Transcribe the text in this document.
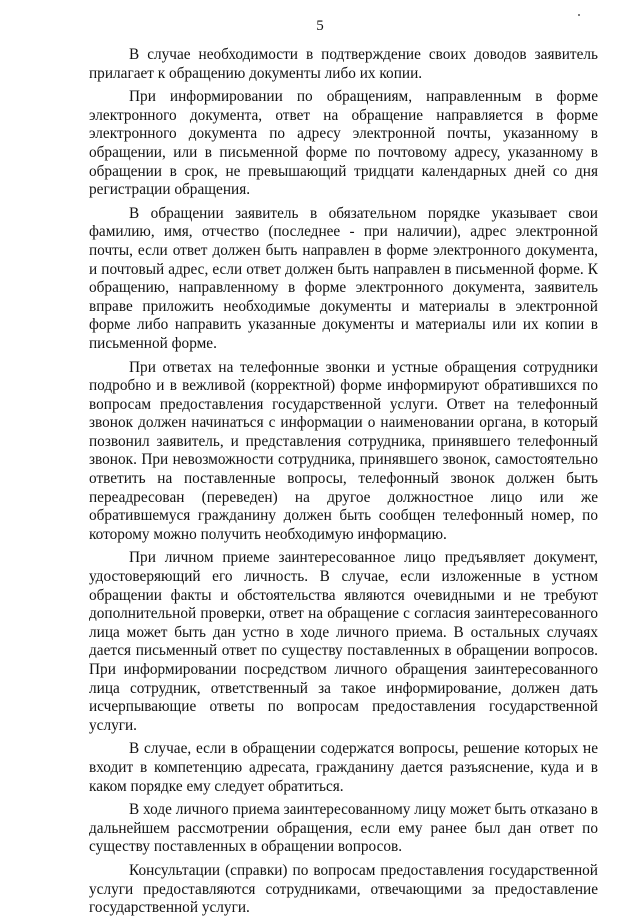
5

В случае необходимости в подтверждение своих доводов заявитель прилагает к обращению документы либо их копии.

При информировании по обращениям, направленным в форме электронного документа, ответ на обращение направляется в форме электронного документа по адресу электронной почты, указанному в обращении, или в письменной форме по почтовому адресу, указанному в обращении в срок, не превышающий тридцати календарных дней со дня регистрации обращения.

В обращении заявитель в обязательном порядке указывает свои фамилию, имя, отчество (последнее - при наличии), адрес электронной почты, если ответ должен быть направлен в форме электронного документа, и почтовый адрес, если ответ должен быть направлен в письменной форме. К обращению, направленному в форме электронного документа, заявитель вправе приложить необходимые документы и материалы в электронной форме либо направить указанные документы и материалы или их копии в письменной форме.

При ответах на телефонные звонки и устные обращения сотрудники подробно и в вежливой (корректной) форме информируют обратившихся по вопросам предоставления государственной услуги. Ответ на телефонный звонок должен начинаться с информации о наименовании органа, в который позвонил заявитель, и представления сотрудника, принявшего телефонный звонок. При невозможности сотрудника, принявшего звонок, самостоятельно ответить на поставленные вопросы, телефонный звонок должен быть переадресован (переведен) на другое должностное лицо или же обратившемуся гражданину должен быть сообщен телефонный номер, по которому можно получить необходимую информацию.

При личном приеме заинтересованное лицо предъявляет документ, удостоверяющий его личность. В случае, если изложенные в устном обращении факты и обстоятельства являются очевидными и не требуют дополнительной проверки, ответ на обращение с согласия заинтересованного лица может быть дан устно в ходе личного приема. В остальных случаях дается письменный ответ по существу поставленных в обращении вопросов. При информировании посредством личного обращения заинтересованного лица сотрудник, ответственный за такое информирование, должен дать исчерпывающие ответы по вопросам предоставления государственной услуги.

В случае, если в обращении содержатся вопросы, решение которых не входит в компетенцию адресата, гражданину дается разъяснение, куда и в каком порядке ему следует обратиться.

В ходе личного приема заинтересованному лицу может быть отказано в дальнейшем рассмотрении обращения, если ему ранее был дан ответ по существу поставленных в обращении вопросов.

Консультации (справки) по вопросам предоставления государственной услуги предоставляются сотрудниками, отвечающими за предоставление государственной услуги.
